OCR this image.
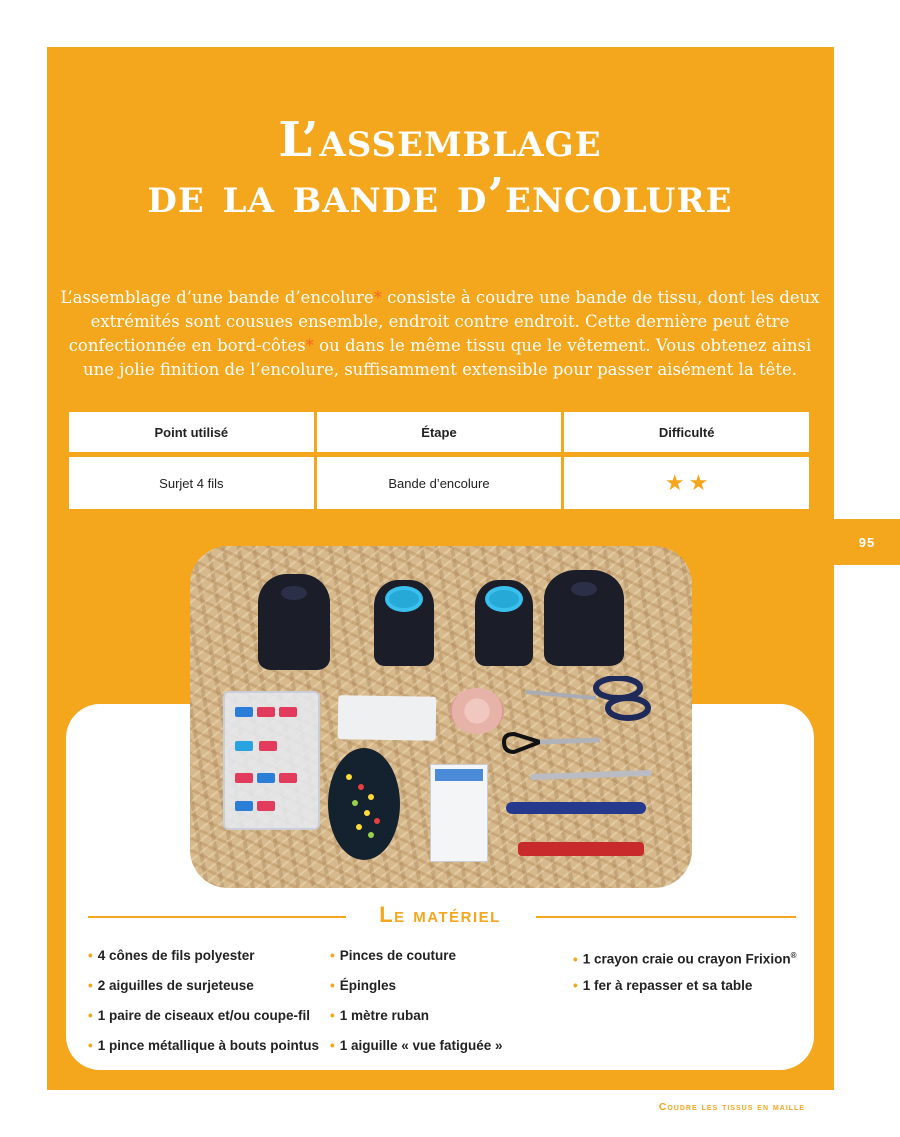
L’assemblage
de la bande d’encolure

L’assemblage d’une bande d’encolure* consiste à coudre une bande de tissu, dont les deux extrémités sont cousues ensemble, endroit contre endroit. Cette dernière peut être confectionnée en bord-côtes* ou dans le même tissu que le vêtement. Vous obtenez ainsi une jolie finition de l’encolure, suffisamment extensible pour passer aisément la tête.

Point utilisé	Étape	Difficulté

Surjet 4 fils	Bande d’encolure	★ ★
95
Le matériel
• 4 cônes de fils polyester
• 2 aiguilles de surjeteuse
• 1 paire de ciseaux et/ou coupe-fil
• 1 pince métallique à bouts pointus
• Pinces de couture
• Épingles
• 1 mètre ruban
• 1 aiguille « vue fatiguée »
• 1 crayon craie ou crayon Frixion®
• 1 fer à repasser et sa table
Coudre les tissus en maille
